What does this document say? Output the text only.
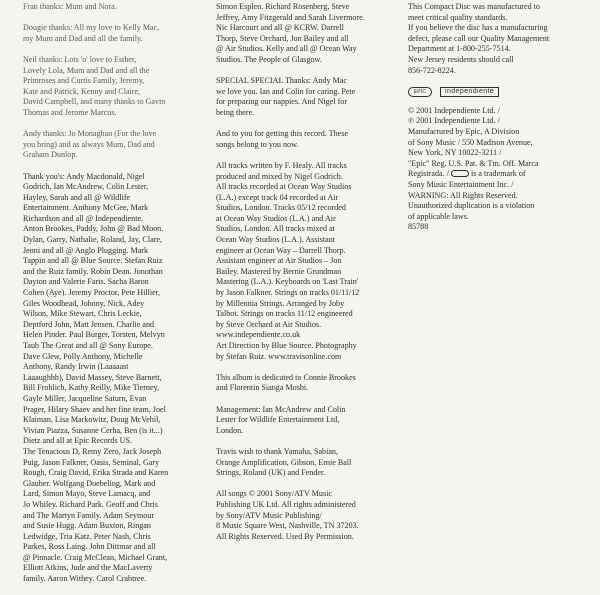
Fran thanks: Mum and Nora.

Dougie thanks: All my love to Kelly Mac,
my Mum and Dad and all the family.

Neil thanks: Lots 'o' love to Esther,
Lovely Lola, Mum and Dad and all the
Primroses and Curtis Family, Jeremy,
Kate and Patrick, Kenny and Claire,
David Campbell, and many thanks to Gavin
Thomas and Jerome Marcus.

Andy thanks: Jo Monaghan (For the love
you bring) and as always Mum, Dad and
Graham Dunlop.

Thank you's: Andy Macdonald, Nigel
Godrich, Ian McAndrew, Colin Lester,
Hayley, Sarah and all @ Wildlife
Entertainment. Anthony McGee, Mark
Richardson and all @ Independiente.
Anton Brookes, Paddy, John @ Bad Moon.
Dylan, Garry, Nathalie, Roland, Jay, Clare,
Jenni and all @ Anglo Plugging. Mark
Tappin and all @ Blue Source. Stefan Ruiz
and the Ruiz family. Robin Dean. Jonothan
Dayton and Valerie Faris. Sacha Baron
Cohen (Aye). Jeremy Proctor, Pete Hillier,
Giles Woodhead, Johnny, Nick, Adey
Wilson, Mike Stewart, Chris Leckie,
Deptford John, Matt Jensen. Charlie and
Helen Pinder. Paul Burger, Torsten, Melvyn
Taub The Great and all @ Sony Europe.
Dave Glew, Polly Anthony, Michelle
Anthony, Randy Irwin (Laaaaast
Laaaughhh), David Massey, Steve Barnett,
Bill Frohlich, Kathy Reilly, Mike Tierney,
Gayle Miller, Jacqueline Saturn, Evan
Prager, Hilary Shaev and her fine team, Joel
Klaiman, Lisa Markowitz, Doug McVehil,
Vivian Piazza, Susanne Cerha, Ben (is it...)
Dietz and all at Epic Records US.
The Tenacious D, Remy Zero, Jack Joseph
Puig, Jason Falkner, Oasis, Seminal, Gary
Rough, Craig David, Erika Strada and Karen
Glauber. Wolfgang Doebeling, Mark and
Lard, Simon Mayo, Steve Lamacq, and
Jo Whiley. Richard Park. Geoff and Chris
and The Martyn Family. Adam Seymour
and Susie Hugg. Adam Buxton, Ringan
Ledwidge, Tria Katz. Peter Nash, Chris
Parkes, Ross Laing. John Dittmar and all
@ Pinnacle. Craig McClean, Michael Grant,
Elliott Atkins, Jude and the MacLaverty
family. Aaron Withey. Carol Crabtree.

Simon Esplen. Richard Rosenberg, Steve
Jeffrey, Amy Fitzgerald and Sarah Livermore.
Nic Harcourt and all @ KCRW. Darrell
Thorp, Steve Orchard, Jon Bailey and all
@ Air Studios. Kelly and all @ Ocean Way
Studios. The People of Glasgow.

SPECIAL SPECIAL Thanks: Andy Mac
we love you. Ian and Colin for caring. Pete
for preparing our nappies. And Nigel for
being there.

And to you for getting this record. These
songs belong to you now.

All tracks written by F. Healy. All tracks
produced and mixed by Nigel Godrich.
All tracks recorded at Ocean Way Studios
(L.A.) except track 04 recorded at Air
Studios, London. Tracks 05/12 recorded
at Ocean Way Studios (L.A.) and Air
Studios, London. All tracks mixed at
Ocean Way Studios (L.A.). Assistant
engineer at Ocean Way – Darrell Thorp.
Assistant engineer at Air Studios – Jon
Bailey. Mastered by Bernie Grundman
Mastering (L.A.). Keyboards on 'Last Train'
by Jason Falkner. Strings on tracks 01/11/12
by Millennia Strings. Arranged by Joby
Talbot. Strings on tracks 11/12 engineered
by Steve Orchard at Air Studios.
www.independiente.co.uk
Art Direction by Blue Source. Photography
by Stefan Ruiz. www.travisonline.com

This album is dedicated to Connie Brookes
and Florentin Sianga Moshi.

Management: Ian McAndrew and Colin
Lester for Wildlife Entertainment Ltd,
London.

Travis wish to thank Yamaha, Sabian,
Orange Amplification, Gibson, Ernie Ball
Strings, Roland (UK) and Fender.

All songs © 2001 Sony/ATV Music
Publishing UK Ltd. All rights administered
by Sony/ATV Music Publishing/
8 Music Square West, Nashville, TN 37203.
All Rights Reserved. Used By Permission.

This Compact Disc was manufactured to
meet critical quality standards.
If you believe the disc has a manufacturing
defect, please call our Quality Management
Department at 1-800-255-7514.
New Jersey residents should call
856-722-8224.

EPIC	independiente

© 2001 Independiente Ltd. /
℗ 2001 Independiente Ltd. /
Manufactured by Epic, A Division
of Sony Music / 550 Madison Avenue,
New York, NY 10022-3211 /
"Epic" Reg. U.S. Pat. & Tm. Off. Marca
Registrada. /	is a trademark of
Sony Music Entertainment Inc. /
WARNING: All Rights Reserved.
Unauthorized duplication is a violation
of applicable laws.
85788
